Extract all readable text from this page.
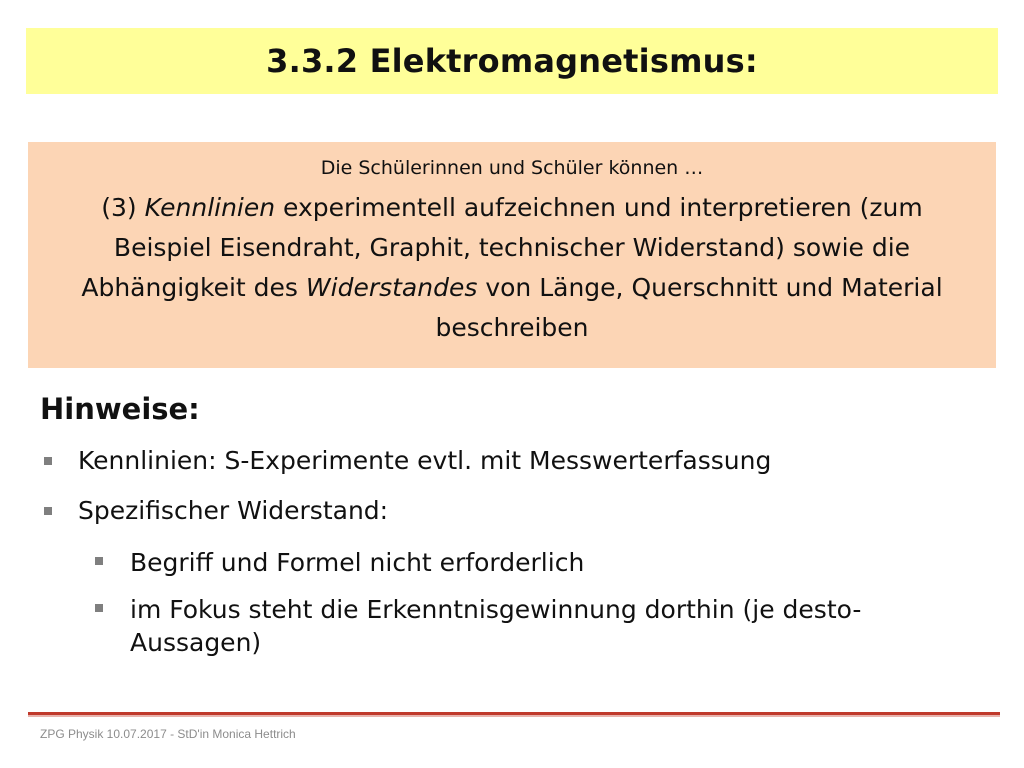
3.3.2 Elektromagnetismus:
Die Schülerinnen und Schüler können …
(3) Kennlinien experimentell aufzeichnen und interpretieren (zum Beispiel Eisendraht, Graphit, technischer Widerstand) sowie die Abhängigkeit des Widerstandes von Länge, Querschnitt und Material beschreiben
Hinweise:
Kennlinien: S-Experimente evtl. mit Messwerterfassung
Spezifischer Widerstand:
Begriff und Formel nicht erforderlich
im Fokus steht die Erkenntnisgewinnung dorthin (je desto-Aussagen)
ZPG Physik 10.07.2017 - StD'in Monica Hettrich
